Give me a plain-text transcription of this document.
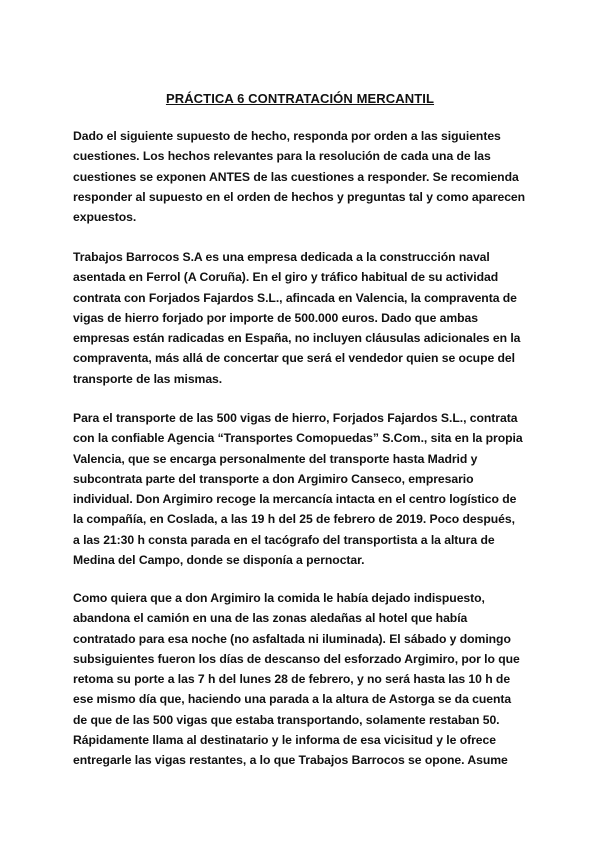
PRÁCTICA 6 CONTRATACIÓN MERCANTIL
Dado el siguiente supuesto de hecho, responda por orden a las siguientes
cuestiones. Los hechos relevantes para la resolución de cada una de las
cuestiones se exponen ANTES de las cuestiones a responder. Se recomienda
responder al supuesto en el orden de hechos y preguntas tal y como aparecen
expuestos.
Trabajos Barrocos S.A es una empresa dedicada a la construcción naval
asentada en Ferrol (A Coruña). En el giro y tráfico habitual de su actividad
contrata con Forjados Fajardos S.L., afincada en Valencia, la compraventa de
vigas de hierro forjado por importe de 500.000 euros. Dado que ambas
empresas están radicadas en España, no incluyen cláusulas adicionales en la
compraventa, más allá de concertar que será el vendedor quien se ocupe del
transporte de las mismas.
Para el transporte de las 500 vigas de hierro, Forjados Fajardos S.L., contrata
con la confiable Agencia “Transportes Comopuedas” S.Com., sita en la propia
Valencia, que se encarga personalmente del transporte hasta Madrid y
subcontrata parte del transporte a don Argimiro Canseco, empresario
individual. Don Argimiro recoge la mercancía intacta en el centro logístico de
la compañía, en Coslada, a las 19 h del 25 de febrero de 2019. Poco después,
a las 21:30 h consta parada en el tacógrafo del transportista a la altura de
Medina del Campo, donde se disponía a pernoctar.
Como quiera que a don Argimiro la comida le había dejado indispuesto,
abandona el camión en una de las zonas aledañas al hotel que había
contratado para esa noche (no asfaltada ni iluminada). El sábado y domingo
subsiguientes fueron los días de descanso del esforzado Argimiro, por lo que
retoma su porte a las 7 h del lunes 28 de febrero, y no será hasta las 10 h de
ese mismo día que, haciendo una parada a la altura de Astorga se da cuenta
de que de las 500 vigas que estaba transportando, solamente restaban 50.
Rápidamente llama al destinatario y le informa de esa vicisitud y le ofrece
entregarle las vigas restantes, a lo que Trabajos Barrocos se opone. Asume
